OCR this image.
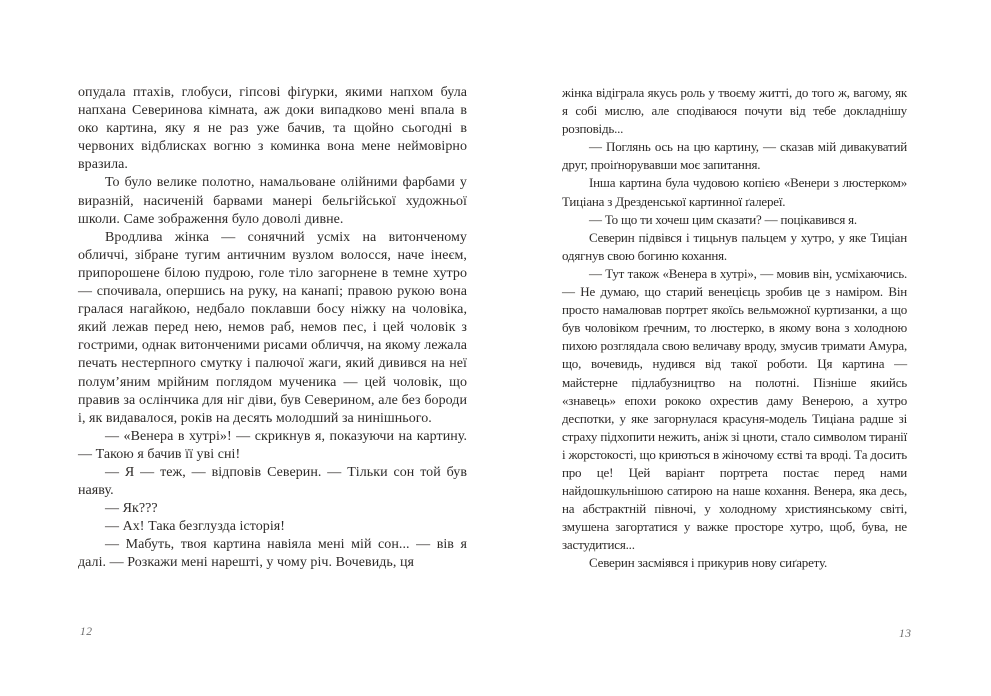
опудала птахів, глобуси, гіпсові фіґурки, якими напхом була напхана Северинова кімната, аж доки випадково мені впала в око картина, яку я не раз уже бачив, та щойно сьогодні в червоних відблисках вогню з коминка вона мене неймовірно вразила.

То було велике полотно, намальоване олійними фарбами у виразній, насиченій барвами манері бельгійської художньої школи. Саме зображення було доволі дивне.

Вродлива жінка — сонячний усміх на витонченому обличчі, зібране тугим античним вузлом волосся, наче інеєм, припорошене білою пудрою, голе тіло загорнене в темне хутро — спочивала, опершись на руку, на канапі; правою рукою вона гралася нагайкою, недбало поклавши босу ніжку на чоловіка, який лежав перед нею, немов раб, немов пес, і цей чоловік з гострими, однак витонченими рисами обличчя, на якому лежала печать нестерпного смутку і палючої жаги, який дивився на неї полум’яним мрійним поглядом мученика — цей чоловік, що правив за ослінчика для ніг діви, був Северином, але без бороди і, як видавалося, років на десять молодший за нинішнього.

— «Венера в хутрі»! — скрикнув я, показуючи на картину. — Такою я бачив її уві сні!

— Я — теж, — відповів Северин. — Тільки сон той був наяву.

— Як???

— Ах! Така безглузда історія!

— Мабуть, твоя картина навіяла мені мій сон... — вів я далі. — Розкажи мені нарешті, у чому річ. Вочевидь, ця

12

жінка відіграла якусь роль у твоєму житті, до того ж, вагому, як я собі мислю, але сподіваюся почути від тебе докладнішу розповідь...

— Поглянь ось на цю картину, — сказав мій дивакуватий друг, проіґнорувавши моє запитання.

Інша картина була чудовою копією «Венери з люстерком» Тиціана з Дрезденської картинної ґалереї.

— То що ти хочеш цим сказати? — поцікавився я.

Северин підвівся і тицьнув пальцем у хутро, у яке Тиціан одягнув свою богиню кохання.

— Тут також «Венера в хутрі», — мовив він, усміхаючись. — Не думаю, що старий венецієць зробив це з наміром. Він просто намалював портрет якоїсь вельможної куртизанки, а що був чоловіком ґречним, то люстерко, в якому вона з холодною пихою розглядала свою величаву вроду, змусив тримати Амура, що, вочевидь, нудився від такої роботи. Ця картина — майстерне підлабузництво на полотні. Пізніше якийсь «знавець» епохи рококо охрестив даму Венерою, а хутро деспотки, у яке загорнулася красуня-модель Тиціана радше зі страху підхопити нежить, аніж зі цноти, стало символом тиранії і жорстокості, що криються в жіночому єстві та вроді. Та досить про це! Цей варіант портрета постає перед нами найдошкульнішою сатирою на наше кохання. Венера, яка десь, на абстрактній півночі, у холодному християнському світі, змушена загортатися у важке просторе хутро, щоб, бува, не застудитися...

Северин засміявся і прикурив нову сиґарету.

13
